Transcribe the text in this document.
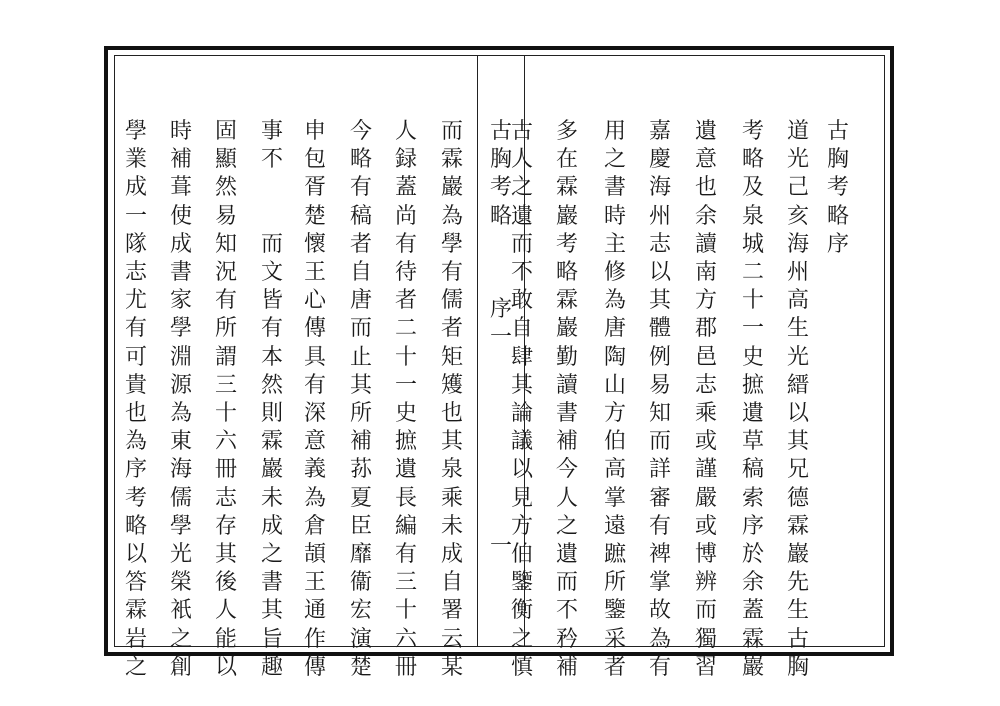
古
胸
考
略
序
道
光
己
亥
海
州
高
生
光
縉
以
其
兄
德
霖
巖
先
生
古
胸
考
略
及
泉
城
二
十
一
史
摭
遺
草
稿
索
序
於
余
蓋
霖
巖
遺
意
也
余
讀
南
方
郡
邑
志
乘
或
謹
嚴
或
博
辨
而
獨
習
嘉
慶
海
州
志
以
其
體
例
易
知
而
詳
審
有
裨
掌
故
為
有
用
之
書
時
主
修
為
唐
陶
山
方
伯
高
掌
遠
蹠
所
鑒
采
者
多
在
霖
巖
考
略
霖
巖
勤
讀
書
補
今
人
之
遺
而
不
矜
補
古
人
之
遺
而
不
敢
自
肆
其
論
議
以
見
方
伯
鑒
衡
之
慎
古
胸
考
略
序
一
一
而
霖
巖
為
學
有
儒
者
矩
矱
也
其
泉
乘
未
成
自
署
云
某
人
録
蓋
尚
有
待
者
二
十
一
史
摭
遺
長
編
有
三
十
六
冊
今
略
有
稿
者
自
唐
而
止
其
所
補
荪
夏
臣
靡
衞
宏
演
楚
申
包
胥
楚
懷
王
心
傳
具
有
深
意
義
為
倉
頡
王
通
作
傳
事
不
而
文
皆
有
本
然
則
霖
巖
未
成
之
書
其
旨
趣
固
顯
然
易
知
況
有
所
謂
三
十
六
冊
志
存
其
後
人
能
以
時
補
葺
使
成
書
家
學
淵
源
為
東
海
儒
學
光
榮
衹
之
創
學
業
成
一
隊
志
尤
有
可
貴
也
為
序
考
略
以
答
霖
岩
之
